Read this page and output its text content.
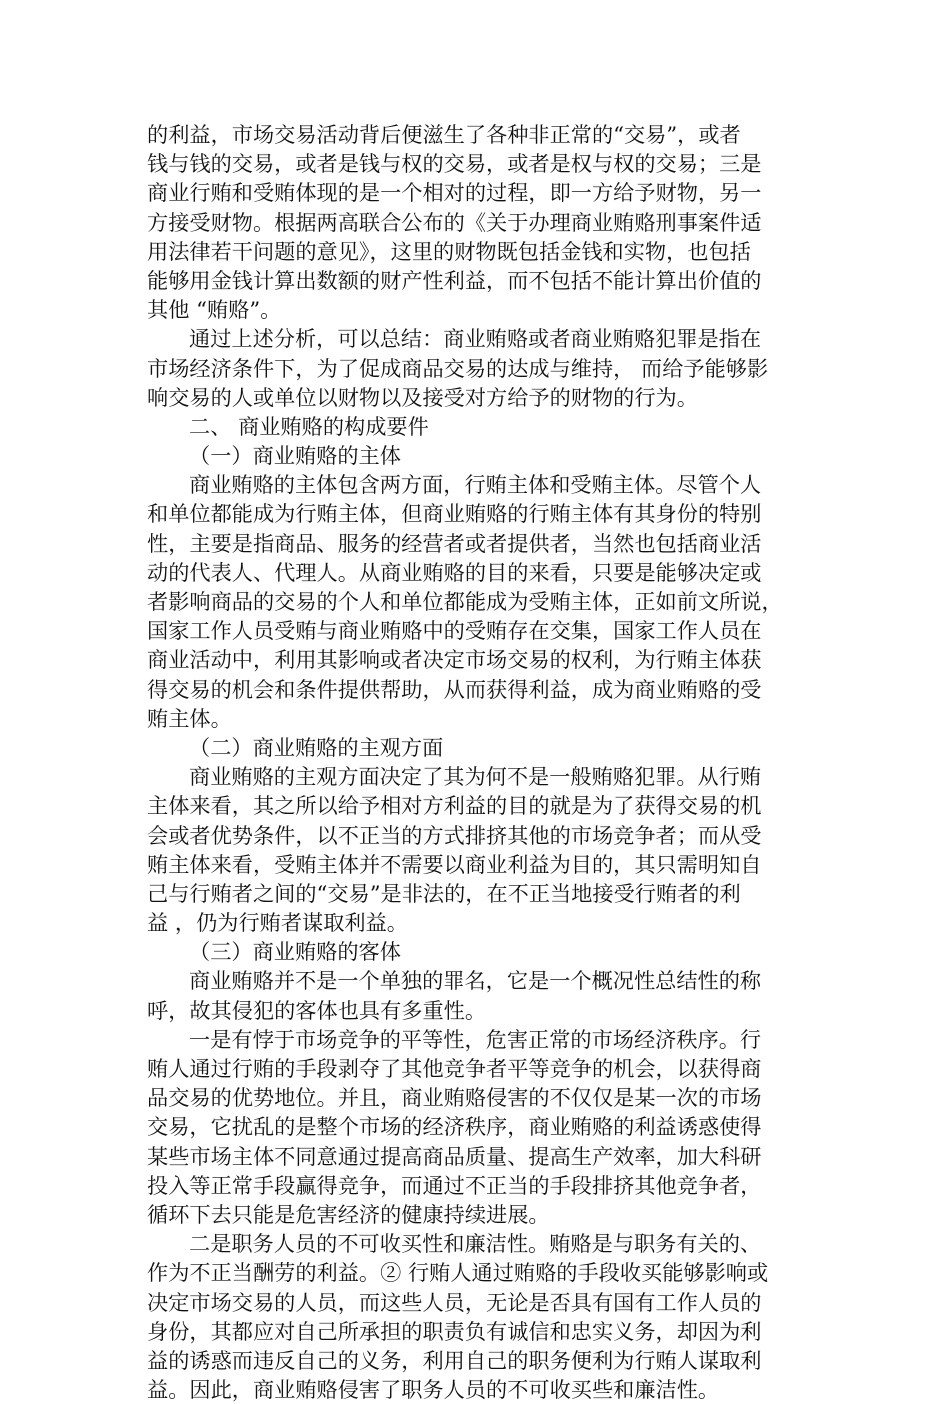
的利益，市场交易活动背后便滋生了各种非正常的“交易”，或者
钱与钱的交易，或者是钱与权的交易，或者是权与权的交易；三是
商业行贿和受贿体现的是一个相对的过程，即一方给予财物，另一
方接受财物。根据两高联合公布的《关于办理商业贿赂刑事案件适
用法律若干问题的意见》，这里的财物既包括金钱和实物，也包括
能够用金钱计算出数额的财产性利益，而不包括不能计算出价值的
其他 “贿赂”。
通过上述分析，可以总结：商业贿赂或者商业贿赂犯罪是指在
市场经济条件下，为了促成商品交易的达成与维持， 而给予能够影
响交易的人或单位以财物以及接受对方给予的财物的行为。
二、 商业贿赂的构成要件
（一）商业贿赂的主体
商业贿赂的主体包含两方面，行贿主体和受贿主体。尽管个人
和单位都能成为行贿主体，但商业贿赂的行贿主体有其身份的特别
性，主要是指商品、服务的经营者或者提供者，当然也包括商业活
动的代表人、代理人。从商业贿赂的目的来看，只要是能够决定或
者影响商品的交易的个人和单位都能成为受贿主体，正如前文所说，
国家工作人员受贿与商业贿赂中的受贿存在交集，国家工作人员在
商业活动中，利用其影响或者决定市场交易的权利，为行贿主体获
得交易的机会和条件提供帮助，从而获得利益，成为商业贿赂的受
贿主体。
（二）商业贿赂的主观方面
商业贿赂的主观方面决定了其为何不是一般贿赂犯罪。从行贿
主体来看，其之所以给予相对方利益的目的就是为了获得交易的机
会或者优势条件，以不正当的方式排挤其他的市场竞争者；而从受
贿主体来看，受贿主体并不需要以商业利益为目的，其只需明知自
己与行贿者之间的“交易”是非法的，在不正当地接受行贿者的利
益 ，仍为行贿者谋取利益。
（三）商业贿赂的客体
商业贿赂并不是一个单独的罪名，它是一个概况性总结性的称
呼，故其侵犯的客体也具有多重性。
一是有悖于市场竞争的平等性，危害正常的市场经济秩序。行
贿人通过行贿的手段剥夺了其他竞争者平等竞争的机会，以获得商
品交易的优势地位。并且，商业贿赂侵害的不仅仅是某一次的市场
交易，它扰乱的是整个市场的经济秩序，商业贿赂的利益诱惑使得
某些市场主体不同意通过提高商品质量、提高生产效率，加大科研
投入等正常手段赢得竞争，而通过不正当的手段排挤其他竞争者，
循环下去只能是危害经济的健康持续进展。
二是职务人员的不可收买性和廉洁性。贿赂是与职务有关的、
作为不正当酬劳的利益。② 行贿人通过贿赂的手段收买能够影响或
决定市场交易的人员，而这些人员，无论是否具有国有工作人员的
身份，其都应对自己所承担的职责负有诚信和忠实义务，却因为利
益的诱惑而违反自己的义务，利用自己的职务便利为行贿人谋取利
益。因此，商业贿赂侵害了职务人员的不可收买些和廉洁性。
